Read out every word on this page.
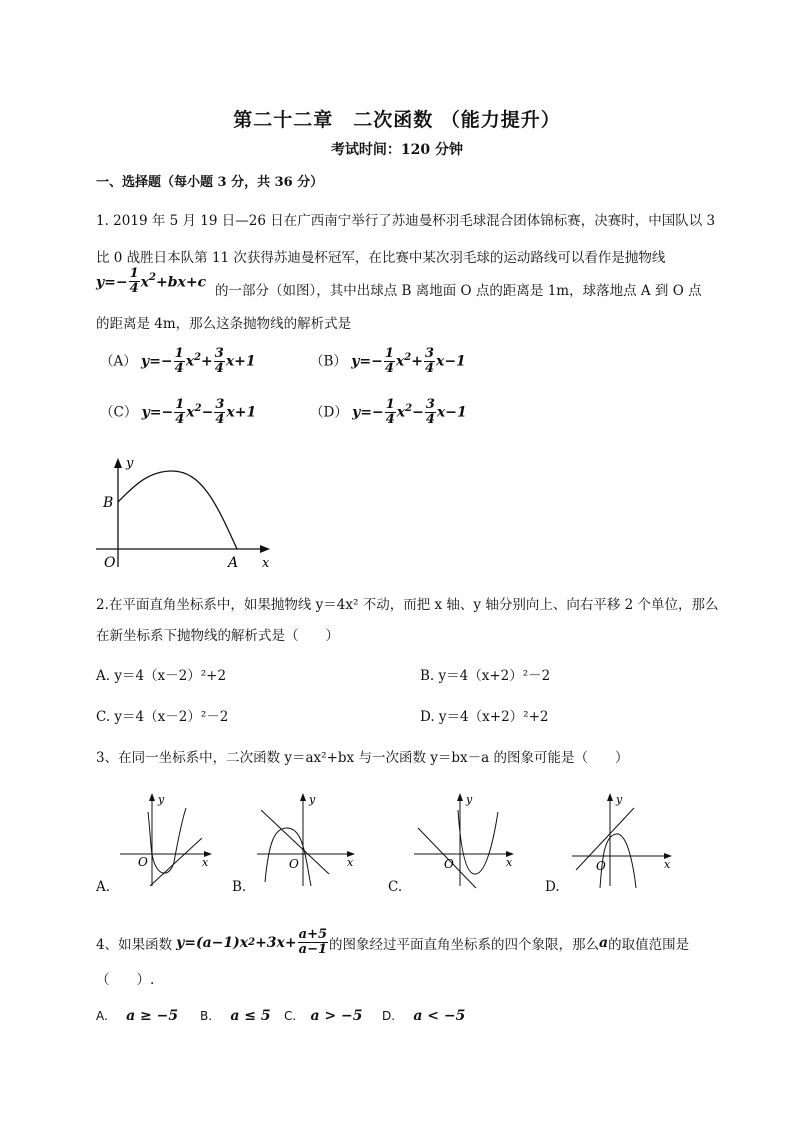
第二十二章　二次函数 （能力提升）
考试时间：120 分钟
一、选择题（每小题 3 分，共 36 分）
1. 2019 年 5 月 19 日—26 日在广西南宁举行了苏迪曼杯羽毛球混合团体锦标赛，决赛时，中国队以 3
比 0 战胜日本队第 11 次获得苏迪曼杯冠军，在比赛中某次羽毛球的运动路线可以看作是抛物线
$y=- \frac{1}{4} x^2+bx+c$
的一部分（如图），其中出球点 B 离地面 O 点的距离是 1m，球落地点 A 到 O 点
的距离是 4m，那么这条抛物线的解析式是
（A） $y=- \frac{1}{4} x^2+ \frac{3}{4} x+1$	（B） $y=- \frac{1}{4} x^2+ \frac{3}{4} x-1$
（C） $y=- \frac{1}{4} x^2- \frac{3}{4} x+1$	（D） $y=- \frac{1}{4} x^2- \frac{3}{4} x-1$
y
B
O	A x
2.在平面直角坐标系中，如果抛物线 y＝4x² 不动，而把 x 轴、y 轴分别向上、向右平移 2 个单位，那么
在新坐标系下抛物线的解析式是（　　）
A. y＝4（x－2）²+2	B. y＝4（x+2）²－2
C. y＝4（x－2）²－2	D. y＝4（x+2）²+2
3、在同一坐标系中，二次函数 y＝ax²+bx 与一次函数 y＝bx－a 的图象可能是（　　）
y
O	x
A.
y
O	x
B.
y
O	x
C.
y
O	x
D.
4、如果函数 y=(a−1)x $2 +3x+ \frac{a+5}{a-1}$ 的图象经过平面直角坐标系的四个象限，那么 a 的取值范围是
（　　）.
A. a ≥ −5 B. a ≤ 5 C. a > −5 D. a < −5
